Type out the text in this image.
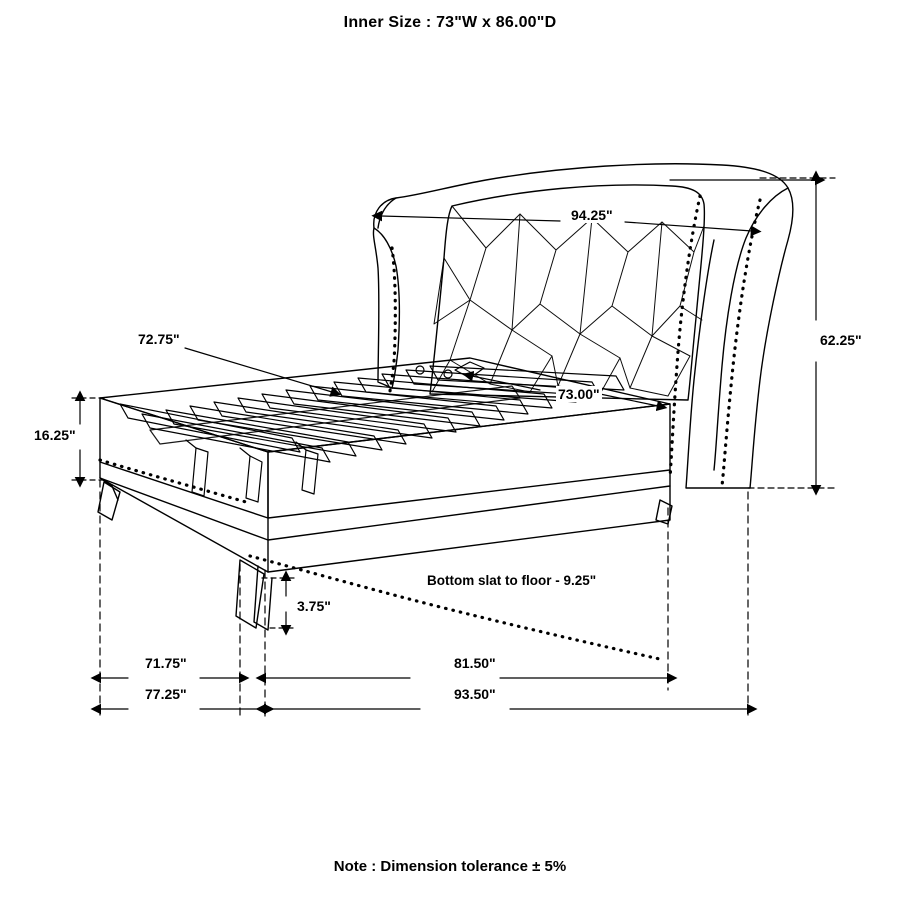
Inner Size : 73"W x 86.00"D
94.25"
62.25"
72.75"
73.00"
16.25"
3.75"
71.75"	81.50"
77.25"	93.50"
Bottom slat to floor - 9.25"
Note : Dimension tolerance ± 5%
